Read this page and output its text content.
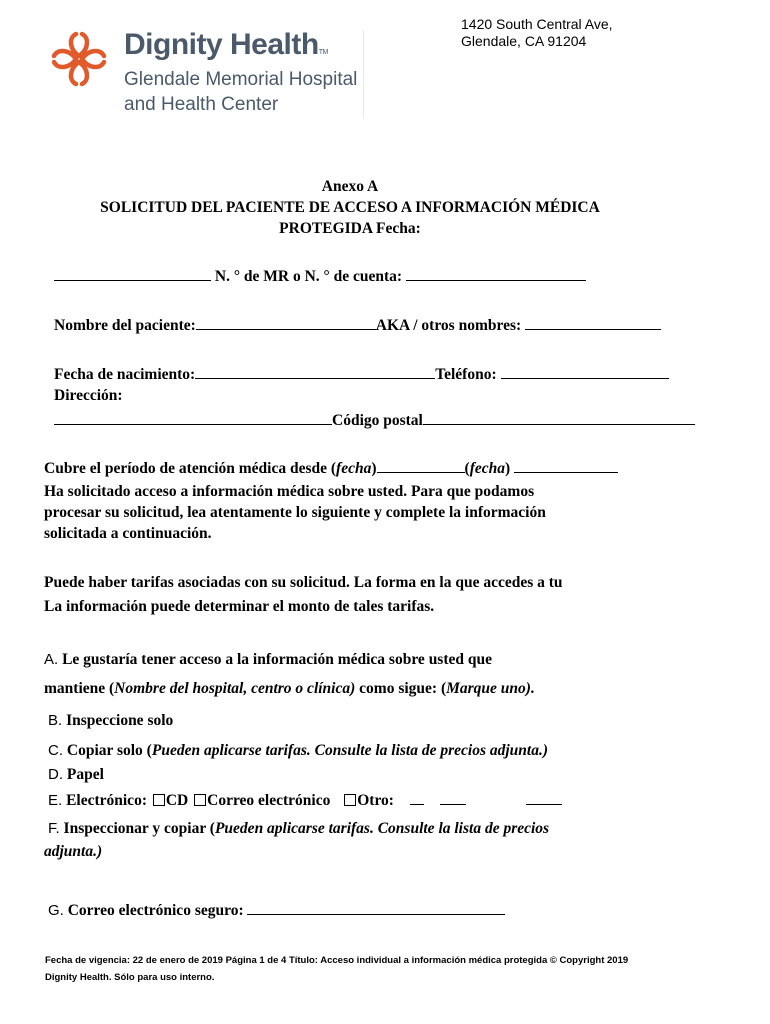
Dignity HealthTM
Glendale Memorial Hospital
and Health Center
1420 South Central Ave,
Glendale, CA 91204
Anexo A
SOLICITUD DEL PACIENTE DE ACCESO A INFORMACIÓN MÉDICA
PROTEGIDA Fecha:
N. ° de MR o N. ° de cuenta:
Nombre del paciente:	AKA / otros nombres:
Fecha de nacimiento:	Teléfono:
Dirección:
Código postal
Cubre el período de atención médica desde (fecha)	(fecha)
Ha solicitado acceso a información médica sobre usted. Para que podamos
procesar su solicitud, lea atentamente lo siguiente y complete la información
solicitada a continuación.
Puede haber tarifas asociadas con su solicitud. La forma en la que accedes a tu
La información puede determinar el monto de tales tarifas.
A. Le gustaría tener acceso a la información médica sobre usted que
mantiene (Nombre del hospital, centro o clínica) como sigue: (Marque uno).
B. Inspeccione solo
C. Copiar solo (Pueden aplicarse tarifas. Consulte la lista de precios adjunta.)
D. Papel
E. Electrónico: CD Correo electrónico Otro:
F. Inspeccionar y copiar (Pueden aplicarse tarifas. Consulte la lista de precios
adjunta.)
G. Correo electrónico seguro:
Fecha de vigencia: 22 de enero de 2019 Página 1 de 4 Título: Acceso individual a información médica protegida © Copyright 2019
Dignity Health. Sólo para uso interno.
